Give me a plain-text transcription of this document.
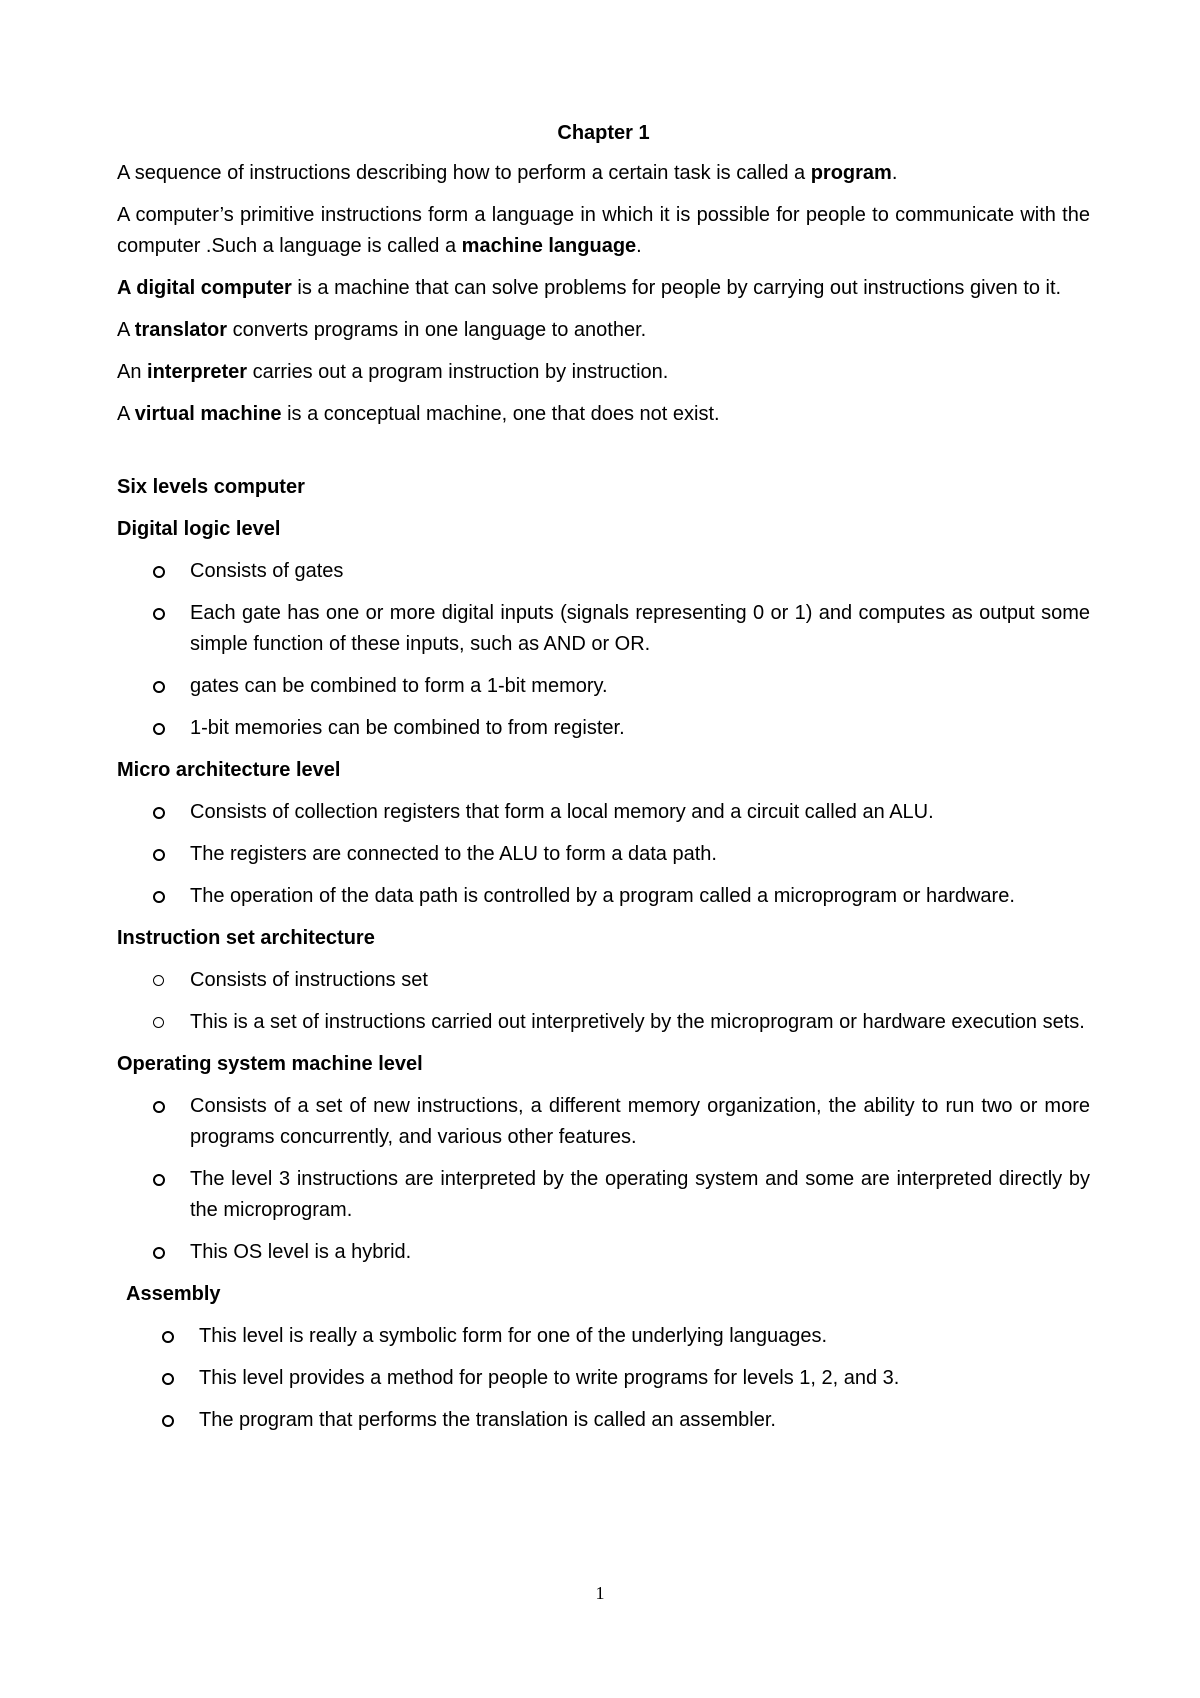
Chapter 1

A sequence of instructions describing how to perform a certain task is called a program.

A computer’s primitive instructions form a language in which it is possible for people to communicate with the computer .Such a language is called a machine language.

A digital computer is a machine that can solve problems for people by carrying out instructions given to it.

A translator converts programs in one language to another.

An interpreter carries out a program instruction by instruction.

A virtual machine is a conceptual machine, one that does not exist.

Six levels computer
Digital logic level
Consists of gates
Each gate has one or more digital inputs (signals representing 0 or 1) and computes as output some simple function of these inputs, such as AND or OR.
gates can be combined to form a 1-bit memory.
1-bit memories can be combined to from register.
Micro architecture level
Consists of collection registers that form a local memory and a circuit called an ALU.
The registers are connected to the ALU to form a data path.
The operation of the data path is controlled by a program called a microprogram or hardware.
Instruction set architecture
Consists of instructions set
This is a set of instructions carried out interpretively by the microprogram or hardware execution sets.
Operating system machine level
Consists of a set of new instructions, a different memory organization, the ability to run two or more programs concurrently, and various other features.
The level 3 instructions are interpreted by the operating system and some are interpreted directly by the microprogram.
This OS level is a hybrid.
Assembly
This level is really a symbolic form for one of the underlying languages.
This level provides a method for people to write programs for levels 1, 2, and 3.
The program that performs the translation is called an assembler.
1
